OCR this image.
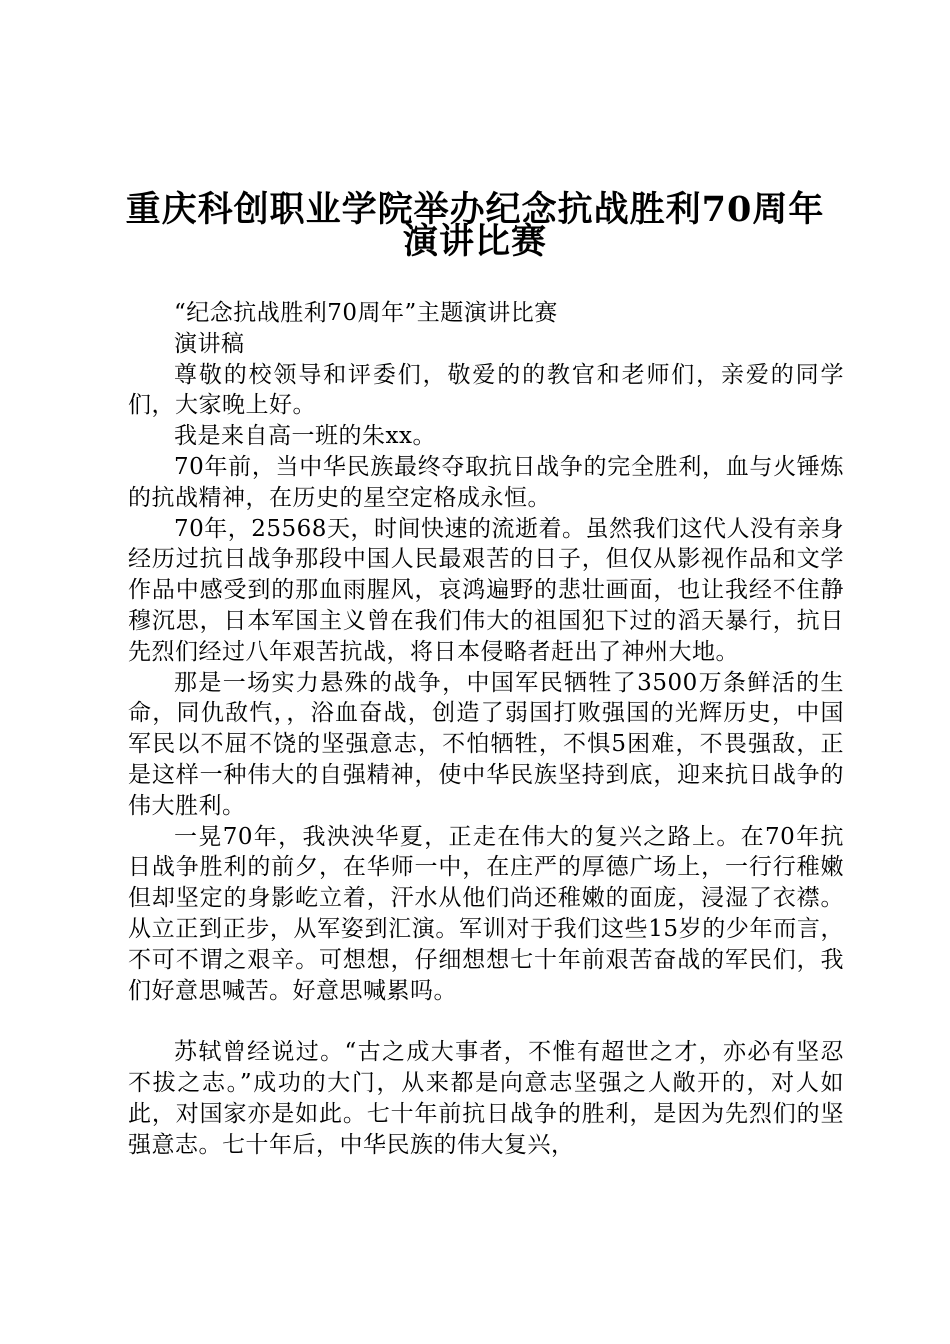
重庆科创职业学院举办纪念抗战胜利70周年
演讲比赛

“纪念抗战胜利70周年”主题演讲比赛

演讲稿

尊敬的校领导和评委们，敬爱的的教官和老师们，亲爱的同学们，大家晚上好。

我是来自高一班的朱xx。

70年前，当中华民族最终夺取抗日战争的完全胜利，血与火锤炼的抗战精神，在历史的星空定格成永恒。

70年，25568天，时间快速的流逝着。虽然我们这代人没有亲身经历过抗日战争那段中国人民最艰苦的日子，但仅从影视作品和文学作品中感受到的那血雨腥风，哀鸿遍野的悲壮画面，也让我经不住静穆沉思，日本军国主义曾在我们伟大的祖国犯下过的滔天暴行，抗日先烈们经过八年艰苦抗战，将日本侵略者赶出了神州大地。

那是一场实力悬殊的战争，中国军民牺牲了3500万条鲜活的生命，同仇敌忾，，浴血奋战，创造了弱国打败强国的光辉历史，中国军民以不屈不饶的坚强意志，不怕牺牲，不惧5困难，不畏强敌，正是这样一种伟大的自强精神，使中华民族坚持到底，迎来抗日战争的伟大胜利。

一晃70年，我泱泱华夏，正走在伟大的复兴之路上。在70年抗日战争胜利的前夕，在华师一中，在庄严的厚德广场上，一行行稚嫩但却坚定的身影屹立着，汗水从他们尚还稚嫩的面庞，浸湿了衣襟。从立正到正步，从军姿到汇演。军训对于我们这些15岁的少年而言，不可不谓之艰辛。可想想，仔细想想七十年前艰苦奋战的军民们，我们好意思喊苦。好意思喊累吗。

苏轼曾经说过。“古之成大事者，不惟有超世之才，亦必有坚忍不拔之志。”成功的大门，从来都是向意志坚强之人敞开的，对人如此，对国家亦是如此。七十年前抗日战争的胜利，是因为先烈们的坚强意志。七十年后，中华民族的伟大复兴，
